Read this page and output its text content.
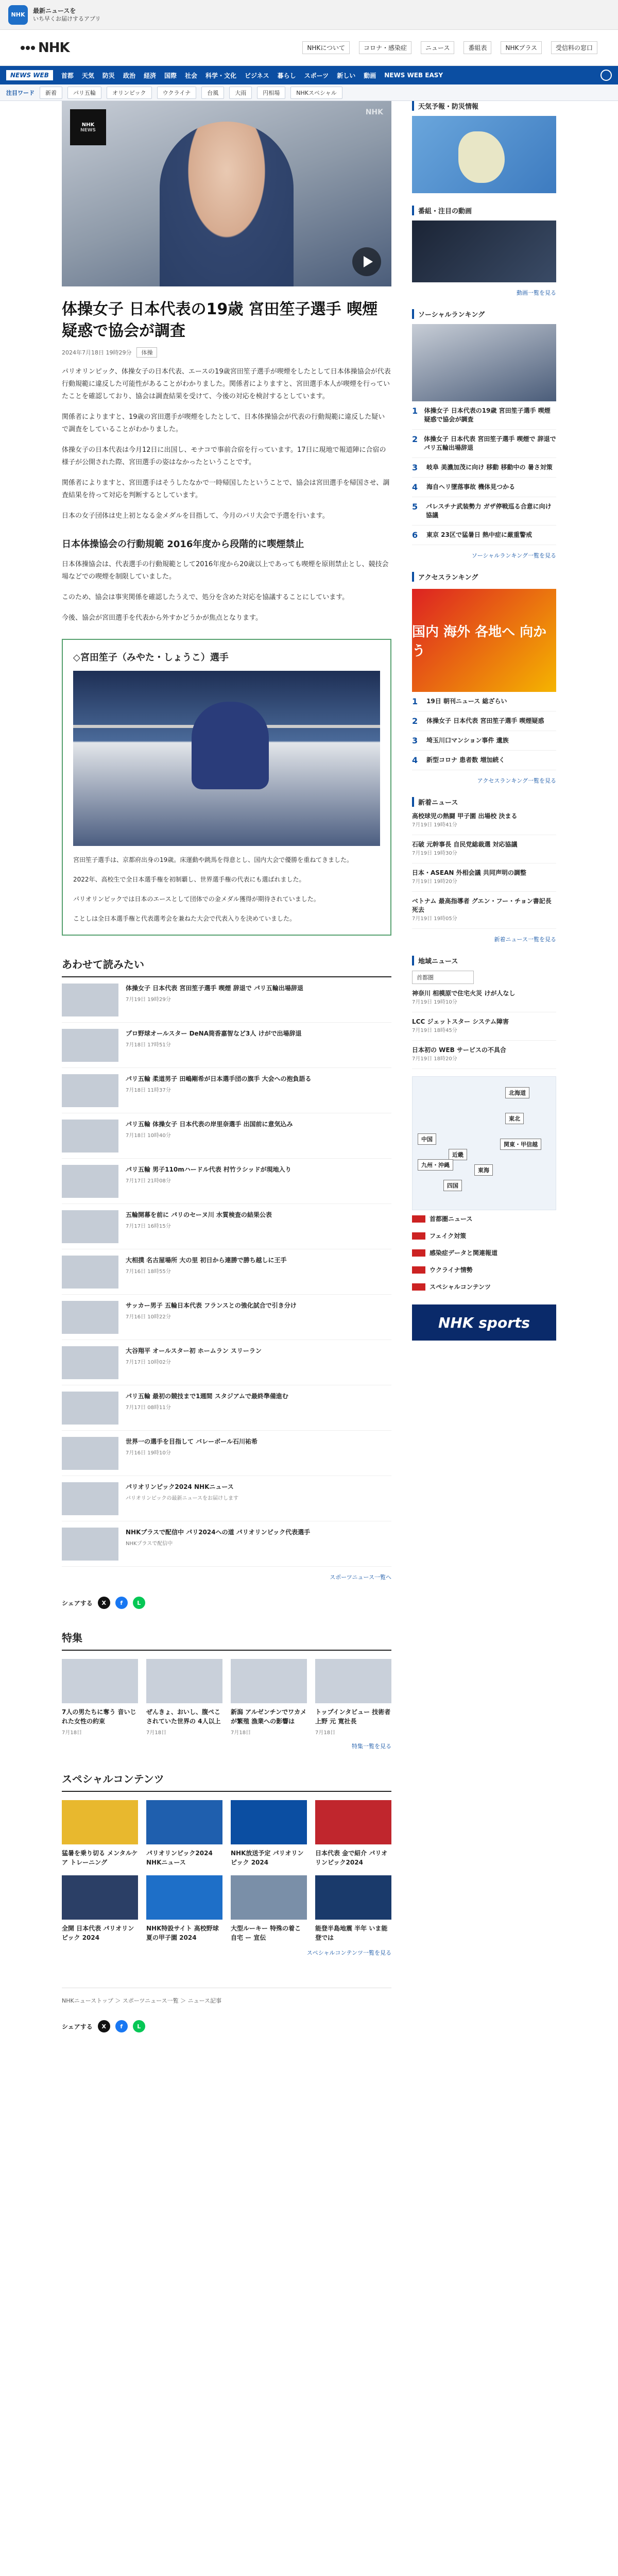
NHK
最新ニュースを
いち早くお届けするアプリ
NHK	NHKについて	コロナ・感染症	ニュース	番組表	NHKプラス	受信料の窓口
NEWS WEB	首都 天気 防災 政治 経済 国際 社会 科学・文化 ビジネス 暮らし スポーツ 新しい 動画 NEWS WEB EASY
注目ワード	新着	パリ五輪	オリンピック	ウクライナ	台風	大雨	円相場	NHKスペシャル
NHK
NEWS
NHK
体操女子 日本代表の19歳 宮田笙子選手 喫煙疑惑で協会が調査
2024年7月18日 19時29分	体操

パリオリンピック、体操女子の日本代表、エースの19歳宮田笙子選手が喫煙をしたとして日本体操協会が代表行動規範に違反した可能性があることがわかりました。関係者によりますと、宮田選手本人が喫煙を行っていたことを確認しており、協会は調査結果を受けて、今後の対応を検討するとしています。

関係者によりますと、19歳の宮田選手が喫煙をしたとして、日本体操協会が代表の行動規範に違反した疑いで調査をしていることがわかりました。

体操女子の日本代表は今月12日に出国し、モナコで事前合宿を行っています。17日に現地で報道陣に合宿の様子が公開された際、宮田選手の姿はなかったということです。

関係者によりますと、宮田選手はそうしたなかで一時帰国したということで、協会は宮田選手を帰国させ、調査結果を待って対応を判断するとしています。

日本の女子団体は史上初となる金メダルを目指して、今月のパリ大会で予選を行います。

日本体操協会の行動規範 2016年度から段階的に喫煙禁止

日本体操協会は、代表選手の行動規範として2016年度から20歳以上であっても喫煙を原則禁止とし、競技会場などでの喫煙を制限していました。

このため、協会は事実関係を確認したうえで、処分を含めた対応を協議することにしています。

今後、協会が宮田選手を代表から外すかどうかが焦点となります。

◇宮田笙子（みやた・しょうこ）選手

宮田笙子選手は、京都府出身の19歳。床運動や跳馬を得意とし、国内大会で優勝を重ねてきました。

2022年、高校生で全日本選手権を初制覇し、世界選手権の代表にも選ばれました。

パリオリンピックでは日本のエースとして団体での金メダル獲得が期待されていました。

ことしは全日本選手権と代表選考会を兼ねた大会で代表入りを決めていました。

あわせて読みたい
体操女子 日本代表 宮田笙子選手 喫煙 辞退で パリ五輪出場辞退
7月19日 19時29分
プロ野球オールスター DeNA筒香嘉智など3人 けがで出場辞退
7月18日 17時51分
パリ五輪 柔道男子 田嶋剛希が日本選手団の旗手 大会への抱負語る
7月18日 11時37分
パリ五輪 体操女子 日本代表の岸里奈選手 出国前に意気込み
7月18日 10時40分
パリ五輪 男子110mハードル代表 村竹ラシッドが現地入り
7月17日 21時08分
五輪開幕を前に パリのセーヌ川 水質検査の結果公表
7月17日 16時15分
大相撲 名古屋場所 大の里 初日から連勝で勝ち越しに王手
7月16日 18時55分
サッカー男子 五輪日本代表 フランスとの強化試合で引き分け
7月16日 10時22分
大谷翔平 オールスター初 ホームラン スリーラン
7月17日 10時02分
パリ五輪 最初の競技まで1週間 スタジアムで最終準備進む
7月17日 08時11分
世界一の選手を目指して バレーボール石川祐希
7月16日 19時10分
パリオリンピック2024 NHKニュース
パリオリンピックの最新ニュースをお届けします
NHKプラスで配信中 パリ2024への道 パリオリンピック代表選手
NHKプラスで配信中
スポーツニュース一覧へ
シェアする	X	f	L
特集
7人の男たちに奪う 音いじれた女性の約束
7月18日
ぜんきょ、おいし、腹ぺこ されていた世界の 4人以上
7月18日
新潟 アルゼンチンでワカメが繁殖 漁業への影響は
7月18日
トップインタビュー 技術者 上野 元 寛社長
7月18日
特集一覧を見る
スペシャルコンテンツ
猛暑を乗り切る メンタルケア トレーニング
パリオリンピック2024 NHKニュース
NHK放送予定 パリオリンピック 2024
日本代表 金で紹介 パリオリンピック2024
全開 日本代表 パリオリンピック 2024
NHK特設サイト 高校野球 夏の甲子園 2024
大型ルーキー 特殊の着こ 自宅 ー 宣伝
能登半島地震 半年 いま能登では
スペシャルコンテンツ一覧を見る
NHKニューストップ ＞ スポーツニュース一覧 ＞ ニュース記事
シェアする	X	f	L
天気予報・防災情報
番組・注目の動画
動画一覧を見る
ソーシャルランキング
1 体操女子 日本代表の19歳 宮田笙子選手 喫煙疑惑で協会が調査
2 体操女子 日本代表 宮田笙子選手 喫煙で 辞退で パリ五輪出場辞退
3	岐阜 美濃加茂に向け 移動 移動中の 暑さ対策
4	海自ヘリ墜落事故 機体見つかる
5	パレスチナ武装勢力 ガザ停戦巡る合意に向け協議
6	東京 23区で猛暑日 熱中症に厳重警戒
ソーシャルランキング一覧を見る
アクセスランキング
国内 海外 各地へ 向かう
1	19日 朝刊ニュース 総ざらい
2	体操女子 日本代表 宮田笙子選手 喫煙疑惑
3	埼玉川口マンション事件 遺族
4	新型コロナ 患者数 増加続く
アクセスランキング一覧を見る
新着ニュース
高校球児の熱闘 甲子園 出場校 決まる
7月19日 19時41分
石破 元幹事長 自民党総裁選 対応協議
7月19日 19時30分
日本・ASEAN 外相会議 共同声明の調整
7月19日 19時20分
ベトナム 最高指導者 グエン・フー・チョン書記長 死去
7月19日 19時05分
新着ニュース一覧を見る
地域ニュース
首都圏
神奈川 相模原で住宅火災 けが人なし
7月19日 19時10分
LCC ジェットスター システム障害
7月19日 18時45分
日本初の WEB サービスの不具合
7月19日 18時20分
北海道
東北
関東・甲信越
東海
近畿
中国
四国
九州・沖縄
首都圏ニュース
フェイク対策
感染症データと関連報道
ウクライナ情勢
スペシャルコンテンツ
NHK sports
